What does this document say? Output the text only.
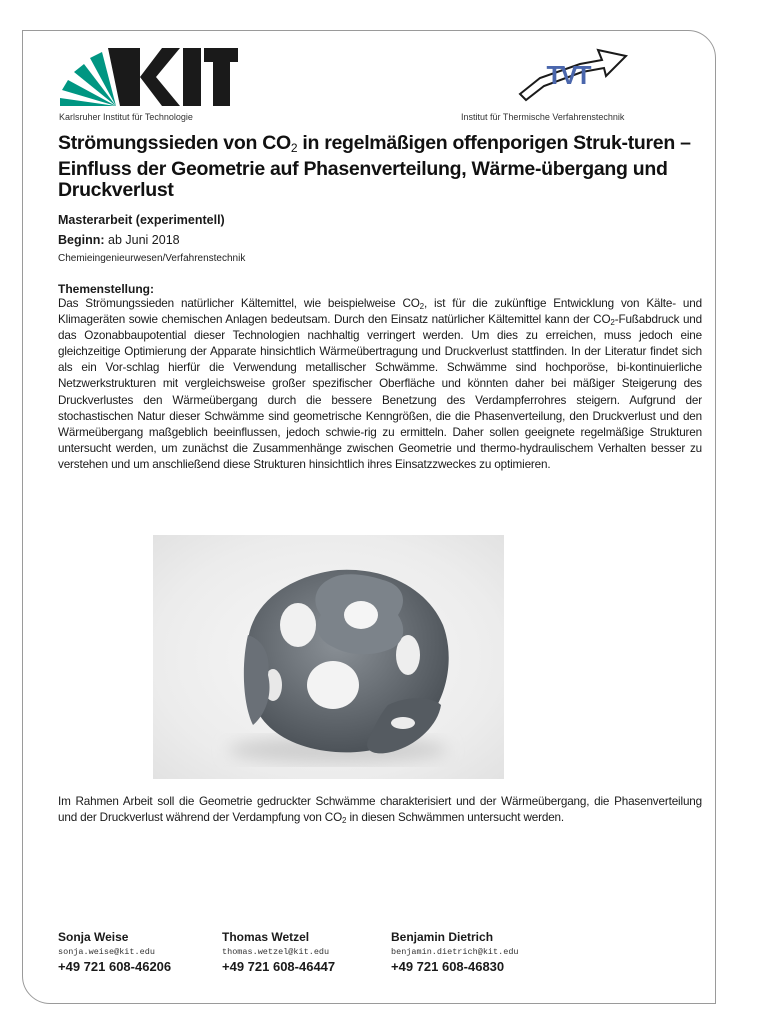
Karlsruher Institut für Technologie
TVT
Institut für Thermische Verfahrenstechnik
Strömungssieden von $CO_2$ in regelmäßigen offenporigen Struk-turen – Einfluss der Geometrie auf Phasenverteilung, Wärme-übergang und Druckverlust
Masterarbeit (experimentell)
Beginn: ab Juni 2018
Chemieingenieurwesen/Verfahrenstechnik
Themenstellung:
Das Strömungssieden natürlicher Kältemittel, wie beispielweise $CO_2$, ist für die zukünftige Entwicklung von Kälte- und Klimageräten sowie chemischen Anlagen bedeutsam. Durch den Einsatz natürlicher Kältemittel kann der $CO_2$-Fußabdruck und das Ozonabbaupotential dieser Technologien nachhaltig verringert werden. Um dies zu erreichen, muss jedoch eine gleichzeitige Optimierung der Apparate hinsichtlich Wärmeübertragung und Druckverlust stattfinden. In der Literatur findet sich als ein Vor-schlag hierfür die Verwendung metallischer Schwämme. Schwämme sind hochporöse, bi-kontinuierliche Netzwerkstrukturen mit vergleichsweise großer spezifischer Oberfläche und könnten daher bei mäßiger Steigerung des Druckverlustes den Wärmeübergang durch die bessere Benetzung des Verdampferrohres steigern. Aufgrund der stochastischen Natur dieser Schwämme sind geometrische Kenngrößen, die die Phasenverteilung, den Druckverlust und den Wärmeübergang maßgeblich beeinflussen, jedoch schwie-rig zu ermitteln. Daher sollen geeignete regelmäßige Strukturen untersucht werden, um zunächst die Zusammenhänge zwischen Geometrie und thermo-hydraulischem Verhalten besser zu verstehen und um anschließend diese Strukturen hinsichtlich ihres Einsatzzweckes zu optimieren.
Im Rahmen Arbeit soll die Geometrie gedruckter Schwämme charakterisiert und der Wärmeübergang, die Phasenverteilung und der Druckverlust während der Verdampfung von $CO_2$ in diesen Schwämmen untersucht werden.
Sonja Weise
sonja.weise@kit.edu
+49 721 608-46206
Thomas Wetzel
thomas.wetzel@kit.edu
+49 721 608-46447
Benjamin Dietrich
benjamin.dietrich@kit.edu
+49 721 608-46830
